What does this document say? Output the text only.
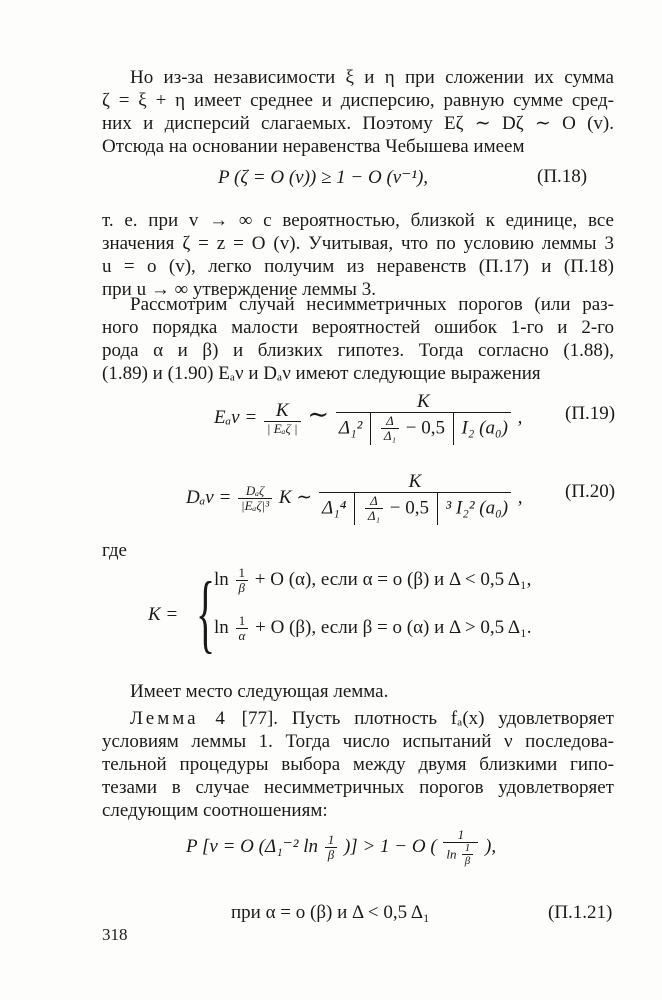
Но из-за независимости ξ и η при сложении их сумма
ζ = ξ + η имеет среднее и дисперсию, равную сумме сред-
них и дисперсий слагаемых. Поэтому Eζ ∼ Dζ ∼ O (v).
Отсюда на основании неравенства Чебышева имеем
P (ζ = O (v)) ≥ 1 − O (v⁻¹),	(П.18)
т. е. при v → ∞ с вероятностью, близкой к единице, все
значения ζ = z = O (v). Учитывая, что по условию леммы 3
u = o (v), легко получим из неравенств (П.17) и (П.18)
при u → ∞ утверждение леммы 3.
Рассмотрим случай несимметричных порогов (или раз-
ного порядка малости вероятностей ошибок 1-го и 2-го
рода α и β) и близких гипотез. Тогда согласно (1.88),
(1.89) и (1.90) Eₐν и Dₐν имеют следующие выражения
$E_a\nu = \frac{K}{\text{| Eₐζ |}}$ ∼	K
$\Delta_1^2 \frac{\Delta}{\text{Δ₁}} - 0,5$ I₂ (a₀) , (П.19)
$D_a\nu = \frac{\text{Dₐζ}}{\text{|Eₐζ|³}}$ K ∼
K
$\Delta_1^4 \frac{\Delta}{\text{Δ₁}} - 0,5$ ³ I₂² (a₀) , (П.20)
где
K = {
$\ln \frac{1}{\beta} + O$ (α), если α = o (β) и Δ < 0,5 Δ₁,
$\ln \frac{1}{\alpha} + O$ (β), если β = o (α) и Δ > 0,5 Δ₁.
Имеет место следующая лемма.
Лемма 4 [77]. Пусть плотность fₐ(x) удовлетворяет
условиям леммы 1. Тогда число испытаний ν последова-
тельной процедуры выбора между двумя близкими гипо-
тезами в случае несимметричных порогов удовлетворяет
следующим соотношениям:
P [ν = O (Δ₁⁻² $\ln \frac{1}{\beta}$ )] > 1 − O ( $\frac{1}{\ln \frac{1}{\beta}}$ ),
при α = o (β) и Δ < 0,5 Δ₁	(П.1.21)
318
